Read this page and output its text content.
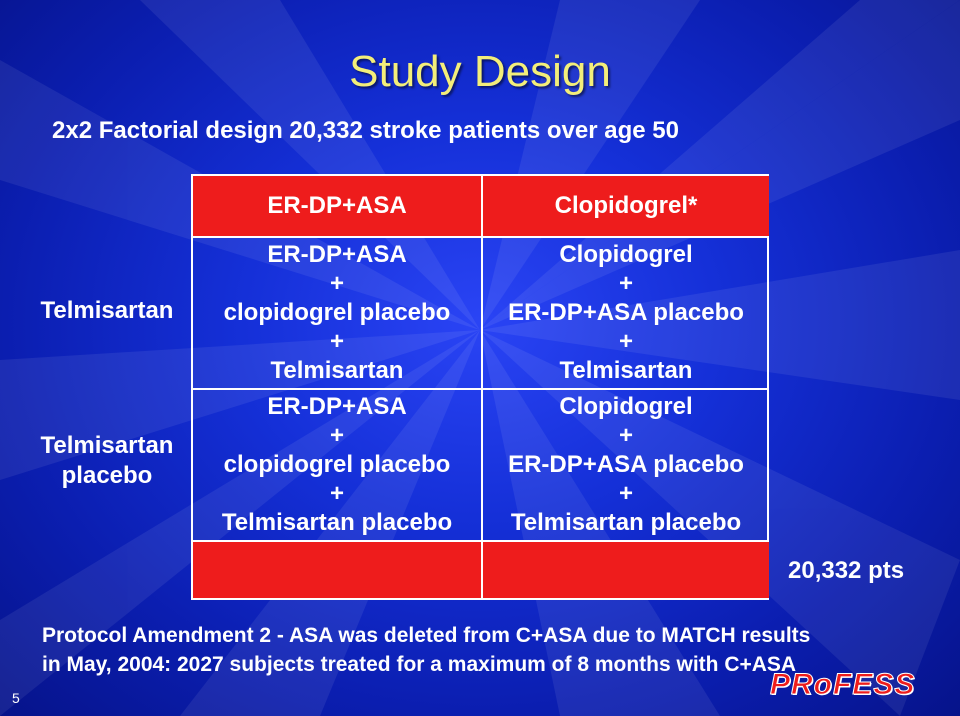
Study Design
2x2 Factorial design 20,332 stroke patients over age 50
Telmisartan
Telmisartan
placebo
ER-DP+ASA	Clopidogrel*
ER-DP+ASA
+
clopidogrel placebo
+
Telmisartan
Clopidogrel
+
ER-DP+ASA placebo
+
Telmisartan
ER-DP+ASA
+
clopidogrel placebo
+
Telmisartan placebo
Clopidogrel
+
ER-DP+ASA placebo
+
Telmisartan placebo
20,332 pts
Protocol Amendment 2 - ASA was deleted from C+ASA due to MATCH results
in May, 2004: 2027 subjects treated for a maximum of 8 months with C+ASA
5	PRoFESS
